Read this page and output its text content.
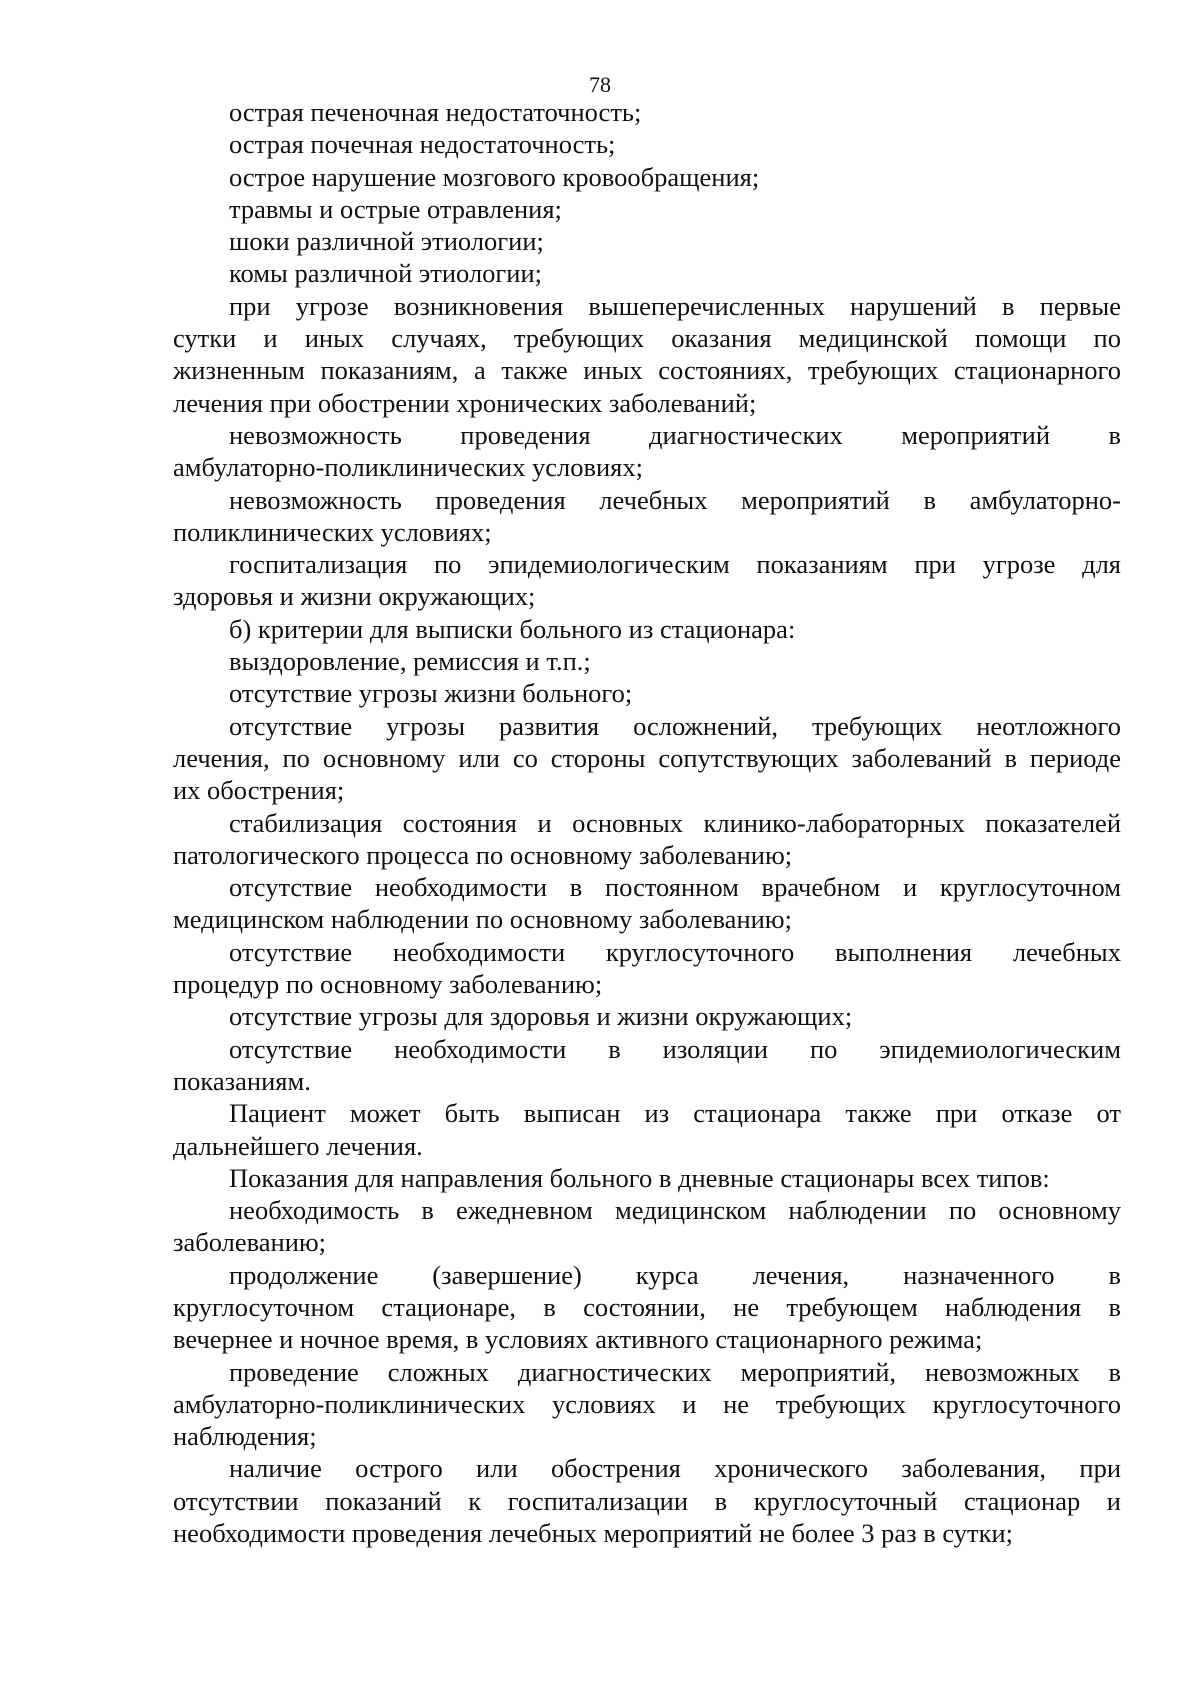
78
острая печеночная недостаточность;
острая почечная недостаточность;
острое нарушение мозгового кровообращения;
травмы и острые отравления;
шоки различной этиологии;
комы различной этиологии;
при угрозе возникновения вышеперечисленных нарушений в первые
сутки и иных случаях, требующих оказания медицинской помощи по
жизненным показаниям, а также иных состояниях, требующих стационарного
лечения при обострении хронических заболеваний;
невозможность проведения диагностических мероприятий в
амбулаторно-поликлинических условиях;
невозможность проведения лечебных мероприятий в амбулаторно-
поликлинических условиях;
госпитализация по эпидемиологическим показаниям при угрозе для
здоровья и жизни окружающих;
б) критерии для выписки больного из стационара:
выздоровление, ремиссия и т.п.;
отсутствие угрозы жизни больного;
отсутствие угрозы развития осложнений, требующих неотложного
лечения, по основному или со стороны сопутствующих заболеваний в периоде
их обострения;
стабилизация состояния и основных клинико-лабораторных показателей
патологического процесса по основному заболеванию;
отсутствие необходимости в постоянном врачебном и круглосуточном
медицинском наблюдении по основному заболеванию;
отсутствие необходимости круглосуточного выполнения лечебных
процедур по основному заболеванию;
отсутствие угрозы для здоровья и жизни окружающих;
отсутствие необходимости в изоляции по эпидемиологическим
показаниям.
Пациент может быть выписан из стационара также при отказе от
дальнейшего лечения.
Показания для направления больного в дневные стационары всех типов:
необходимость в ежедневном медицинском наблюдении по основному
заболеванию;
продолжение (завершение) курса лечения, назначенного в
круглосуточном стационаре, в состоянии, не требующем наблюдения в
вечернее и ночное время, в условиях активного стационарного режима;
проведение сложных диагностических мероприятий, невозможных в
амбулаторно-поликлинических условиях и не требующих круглосуточного
наблюдения;
наличие острого или обострения хронического заболевания, при
отсутствии показаний к госпитализации в круглосуточный стационар и
необходимости проведения лечебных мероприятий не более 3 раз в сутки;
